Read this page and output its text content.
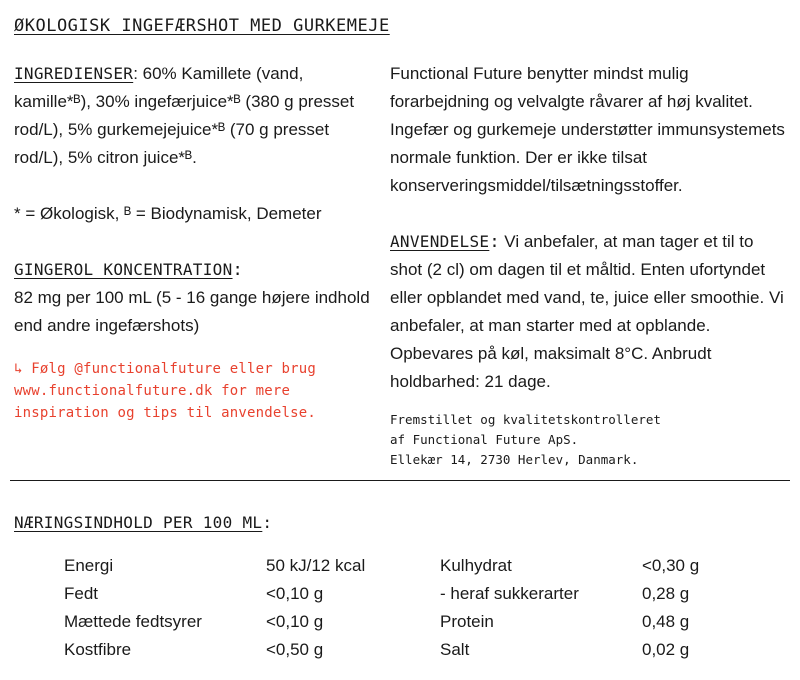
ØKOLOGISK INGEFÆRSHOT MED GURKEMEJE

INGREDIENSER: 60% Kamillete (vand, kamille*ᴮ), 30% ingefærjuice*ᴮ (380 g presset rod/L), 5% gurkemejejuice*ᴮ (70 g presset rod/L), 5% citron juice*ᴮ.

* = Økologisk, ᴮ = Biodynamisk, Demeter

GINGEROL KONCENTRATION:
82 mg per 100 mL (5 - 16 gange højere indhold end andre ingefærshots)

↳ Følg @functionalfuture eller brug www.functionalfuture.dk for mere inspiration og tips til anvendelse.

Functional Future benytter mindst mulig forarbejdning og velvalgte råvarer af høj kvalitet. Ingefær og gurkemeje understøtter immunsystemets normale funktion. Der er ikke tilsat konserveringsmiddel/tilsætningsstoffer.

ANVENDELSE: Vi anbefaler, at man tager et til to shot (2 cl) om dagen til et måltid. Enten ufortyndet eller opblandet med vand, te, juice eller smoothie. Vi anbefaler, at man starter med at opblande. Opbevares på køl, maksimalt 8°C. Anbrudt holdbarhed: 21 dage.

Fremstillet og kvalitetskontrolleret
af Functional Future ApS.
Ellekær 14, 2730 Herlev, Danmark.

NÆRINGSINDHOLD PER 100 ML:
Energi	50 kJ/12 kcal	Kulhydrat	<0,30 g
Fedt	<0,10 g	- heraf sukkerarter	0,28 g
Mættede fedtsyrer	<0,10 g	Protein	0,48 g
Kostfibre	<0,50 g	Salt	0,02 g
